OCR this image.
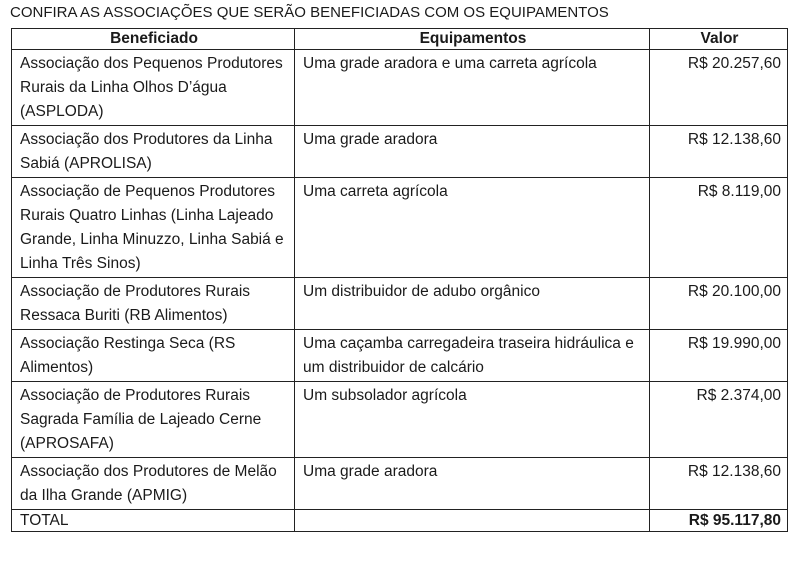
CONFIRA AS ASSOCIAÇÕES QUE SERÃO BENEFICIADAS COM OS EQUIPAMENTOS
Beneficiado	Equipamentos	Valor
Associação dos Pequenos Produtores Rurais da Linha Olhos D’água (ASPLODA)	Uma grade aradora e uma carreta agrícola	R$ 20.257,60
Associação dos Produtores da Linha Sabiá (APROLISA)	Uma grade aradora	R$ 12.138,60
Associação de Pequenos Produtores Rurais Quatro Linhas (Linha Lajeado Grande, Linha Minuzzo, Linha Sabiá e Linha Três Sinos)	Uma carreta agrícola	R$ 8.119,00
Associação de Produtores Rurais Ressaca Buriti (RB Alimentos)	Um distribuidor de adubo orgânico	R$ 20.100,00
Associação Restinga Seca (RS Alimentos)	Uma caçamba carregadeira traseira hidráulica e um distribuidor de calcário	R$ 19.990,00
Associação de Produtores Rurais Sagrada Família de Lajeado Cerne (APROSAFA)	Um subsolador agrícola	R$ 2.374,00
Associação dos Produtores de Melão da Ilha Grande (APMIG)	Uma grade aradora	R$ 12.138,60
TOTAL		R$ 95.117,80
